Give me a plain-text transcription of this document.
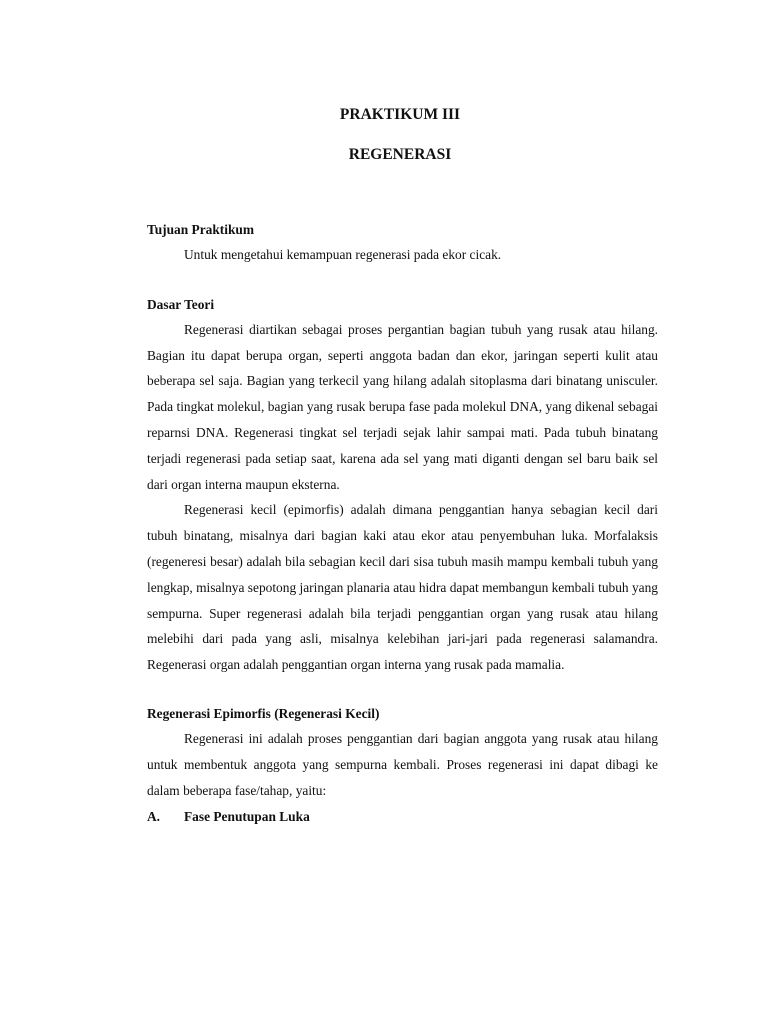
PRAKTIKUM III
REGENERASI

Tujuan Praktikum

Untuk mengetahui kemampuan regenerasi pada ekor cicak.

Dasar Teori

Regenerasi diartikan sebagai proses pergantian bagian tubuh yang rusak atau hilang. Bagian itu dapat berupa organ, seperti anggota badan dan ekor, jaringan seperti kulit atau beberapa sel saja. Bagian yang terkecil yang hilang adalah sitoplasma dari binatang unisculer. Pada tingkat molekul, bagian yang rusak berupa fase pada molekul DNA, yang dikenal sebagai reparnsi DNA. Regenerasi tingkat sel terjadi sejak lahir sampai mati. Pada tubuh binatang terjadi regenerasi pada setiap saat, karena ada sel yang mati diganti dengan sel baru baik sel dari organ interna maupun eksterna.

Regenerasi kecil (epimorfis) adalah dimana penggantian hanya sebagian kecil dari tubuh binatang, misalnya dari bagian kaki atau ekor atau penyembuhan luka. Morfalaksis (regeneresi besar) adalah bila sebagian kecil dari sisa tubuh masih mampu kembali tubuh yang lengkap, misalnya sepotong jaringan planaria atau hidra dapat membangun kembali tubuh yang sempurna. Super regenerasi adalah bila terjadi penggantian organ yang rusak atau hilang melebihi dari pada yang asli, misalnya kelebihan jari-jari pada regenerasi salamandra. Regenerasi organ adalah penggantian organ interna yang rusak pada mamalia.

Regenerasi Epimorfis (Regenerasi Kecil)

Regenerasi ini adalah proses penggantian dari bagian anggota yang rusak atau hilang untuk membentuk anggota yang sempurna kembali. Proses regenerasi ini dapat dibagi ke dalam beberapa fase/tahap, yaitu:

A.	Fase Penutupan Luka
